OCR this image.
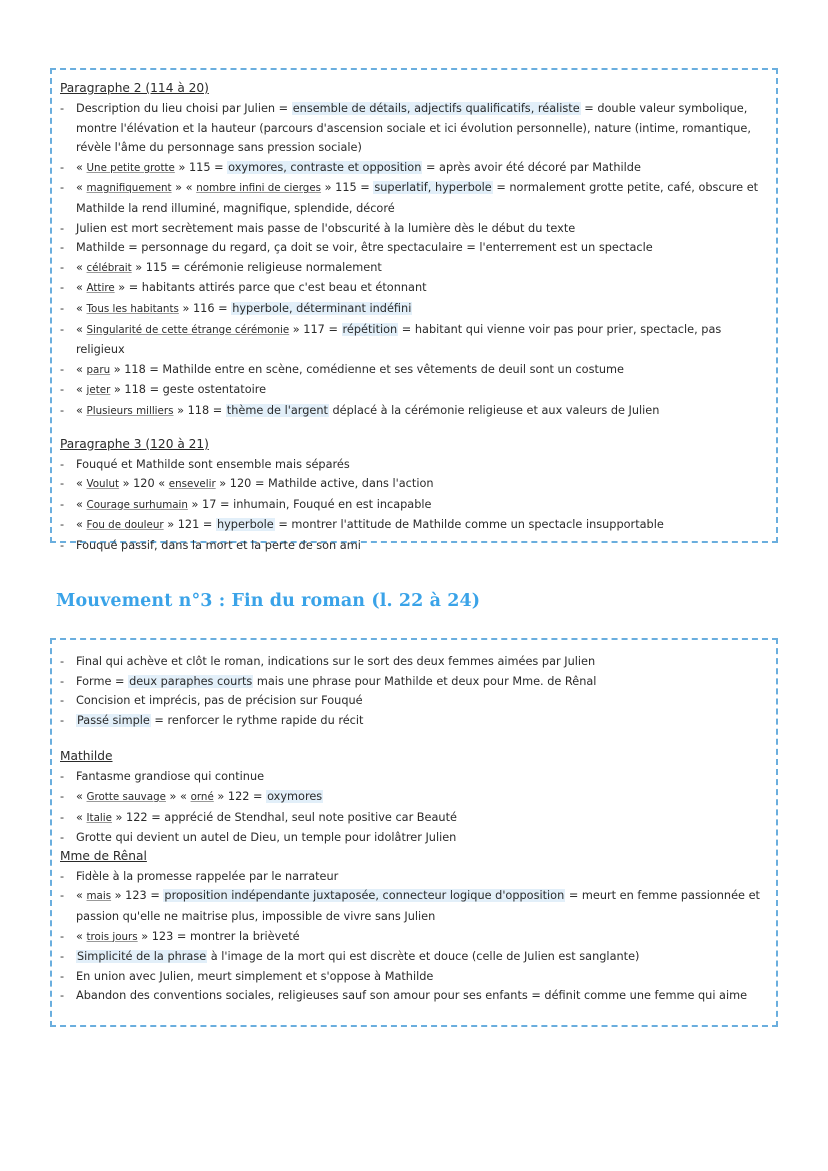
Paragraphe 2 (114 à 20)
- Description du lieu choisi par Julien = ensemble de détails, adjectifs qualificatifs, réaliste = double valeur symbolique, montre l'élévation et la hauteur (parcours d'ascension sociale et ici évolution personnelle), nature (intime, romantique, révèle l'âme du personnage sans pression sociale)
- « Une petite grotte » 115 = oxymores, contraste et opposition = après avoir été décoré par Mathilde
- « magnifiquement » « nombre infini de cierges » 115 = superlatif, hyperbole = normalement grotte petite, café, obscure et Mathilde la rend illuminé, magnifique, splendide, décoré
- Julien est mort secrètement mais passe de l'obscurité à la lumière dès le début du texte
- Mathilde = personnage du regard, ça doit se voir, être spectaculaire = l'enterrement est un spectacle
- « célébrait » 115 = cérémonie religieuse normalement
- « Attire » = habitants attirés parce que c'est beau et étonnant
- « Tous les habitants » 116 = hyperbole, déterminant indéfini
- « Singularité de cette étrange cérémonie » 117 = répétition = habitant qui vienne voir pas pour prier, spectacle, pas religieux
- « paru » 118 = Mathilde entre en scène, comédienne et ses vêtements de deuil sont un costume
- « jeter » 118 = geste ostentatoire
- « Plusieurs milliers » 118 = thème de l'argent déplacé à la cérémonie religieuse et aux valeurs de Julien
Paragraphe 3 (120 à 21)
- Fouqué et Mathilde sont ensemble mais séparés
- « Voulut » 120 « ensevelir » 120 = Mathilde active, dans l'action
- « Courage surhumain » 17 = inhumain, Fouqué en est incapable
- « Fou de douleur » 121 = hyperbole = montrer l'attitude de Mathilde comme un spectacle insupportable
- Fouqué passif, dans la mort et la perte de son ami
Mouvement n°3 : Fin du roman (l. 22 à 24)
- Final qui achève et clôt le roman, indications sur le sort des deux femmes aimées par Julien
- Forme = deux paraphes courts mais une phrase pour Mathilde et deux pour Mme. de Rênal
- Concision et imprécis, pas de précision sur Fouqué
- Passé simple = renforcer le rythme rapide du récit
Mathilde
- Fantasme grandiose qui continue
- « Grotte sauvage » « orné » 122 = oxymores
- « Italie » 122 = apprécié de Stendhal, seul note positive car Beauté
- Grotte qui devient un autel de Dieu, un temple pour idolâtrer Julien
Mme de Rênal
- Fidèle à la promesse rappelée par le narrateur
- « mais » 123 = proposition indépendante juxtaposée, connecteur logique d'opposition = meurt en femme passionnée et passion qu'elle ne maitrise plus, impossible de vivre sans Julien
- « trois jours » 123 = montrer la brièveté
- Simplicité de la phrase à l'image de la mort qui est discrète et douce (celle de Julien est sanglante)
- En union avec Julien, meurt simplement et s'oppose à Mathilde
- Abandon des conventions sociales, religieuses sauf son amour pour ses enfants = définit comme une femme qui aime
